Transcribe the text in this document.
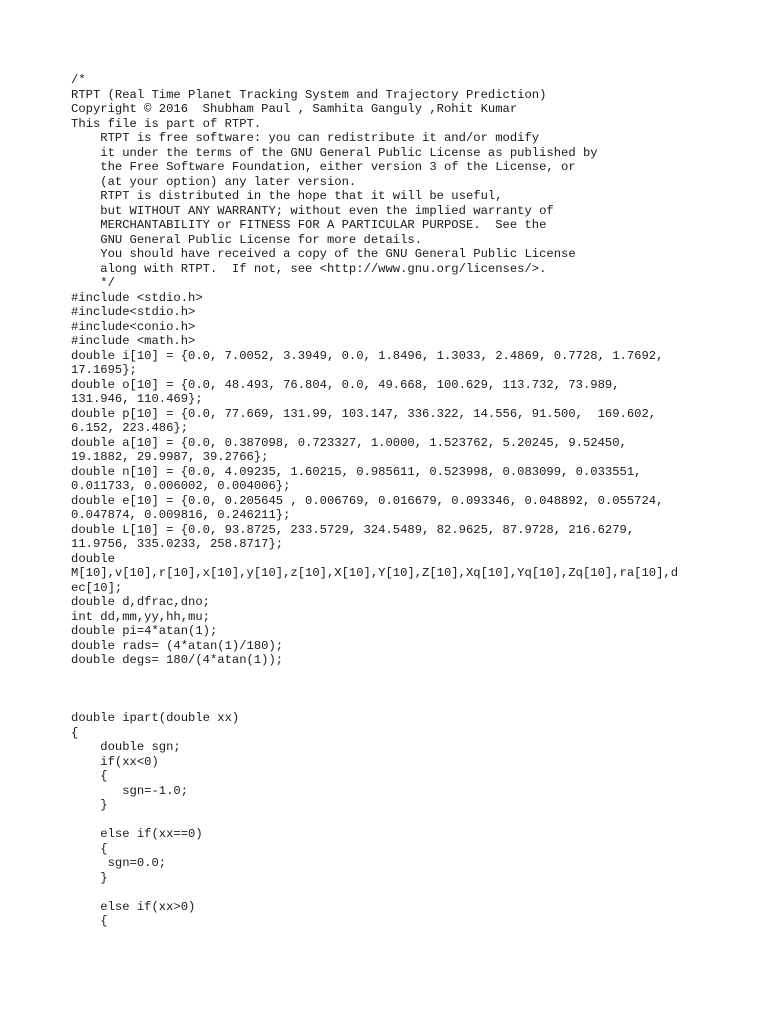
/*
RTPT (Real Time Planet Tracking System and Trajectory Prediction)
Copyright © 2016  Shubham Paul , Samhita Ganguly ,Rohit Kumar
This file is part of RTPT.
RTPT is free software: you can redistribute it and/or modify
it under the terms of the GNU General Public License as published by
the Free Software Foundation, either version 3 of the License, or
(at your option) any later version.
RTPT is distributed in the hope that it will be useful,
but WITHOUT ANY WARRANTY; without even the implied warranty of
MERCHANTABILITY or FITNESS FOR A PARTICULAR PURPOSE.  See the
GNU General Public License for more details.
You should have received a copy of the GNU General Public License
along with RTPT.  If not, see <http://www.gnu.org/licenses/>.
*/
#include <stdio.h>
#include<stdio.h>
#include<conio.h>
#include <math.h>
double i[10] = {0.0, 7.0052, 3.3949, 0.0, 1.8496, 1.3033, 2.4869, 0.7728, 1.7692,
17.1695};
double o[10] = {0.0, 48.493, 76.804, 0.0, 49.668, 100.629, 113.732, 73.989,
131.946, 110.469};
double p[10] = {0.0, 77.669, 131.99, 103.147, 336.322, 14.556, 91.500,  169.602,
6.152, 223.486};
double a[10] = {0.0, 0.387098, 0.723327, 1.0000, 1.523762, 5.20245, 9.52450,
19.1882, 29.9987, 39.2766};
double n[10] = {0.0, 4.09235, 1.60215, 0.985611, 0.523998, 0.083099, 0.033551,
0.011733, 0.006002, 0.004006};
double e[10] = {0.0, 0.205645 , 0.006769, 0.016679, 0.093346, 0.048892, 0.055724,
0.047874, 0.009816, 0.246211};
double L[10] = {0.0, 93.8725, 233.5729, 324.5489, 82.9625, 87.9728, 216.6279,
11.9756, 335.0233, 258.8717};
double
M[10],v[10],r[10],x[10],y[10],z[10],X[10],Y[10],Z[10],Xq[10],Yq[10],Zq[10],ra[10],d
ec[10];
double d,dfrac,dno;
int dd,mm,yy,hh,mu;
double pi=4*atan(1);
double rads= (4*atan(1)/180);
double degs= 180/(4*atan(1));
double ipart(double xx)
{
double sgn;
if(xx<0)
{
sgn=-1.0;
}
else if(xx==0)
{
sgn=0.0;
}
else if(xx>0)
{
